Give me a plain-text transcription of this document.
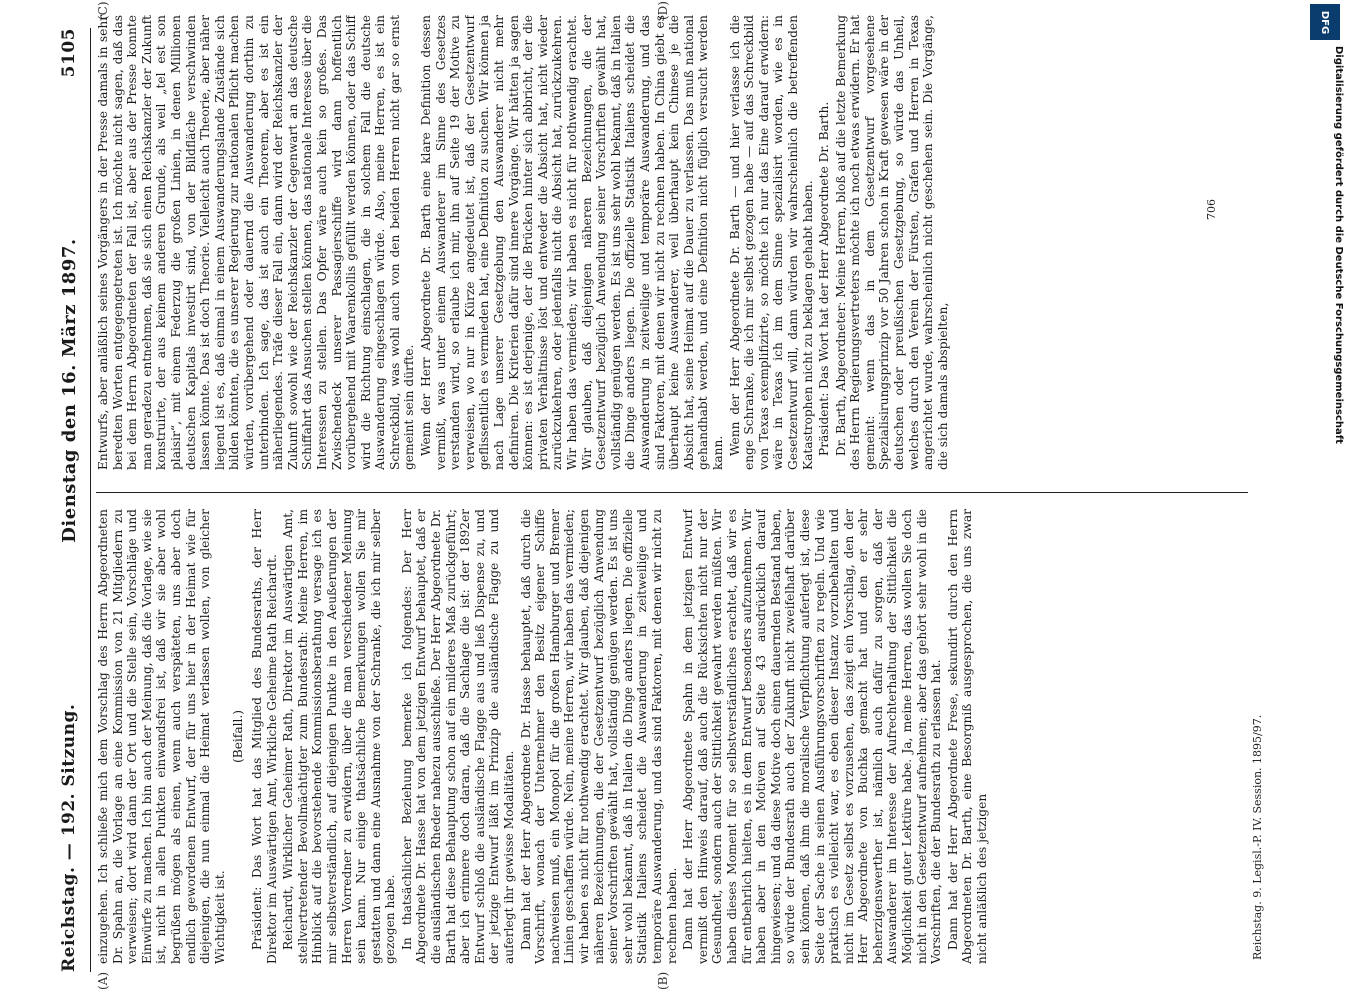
Reichstag. — 192. Sitzung.
Dienstag den 16. März 1897.
5105
(A)	(B)
(C)	(D)

einzugehen. Ich schließe mich dem Vorschlag des Herrn Abgeordneten Dr. Spahn an, die Vorlage an eine Kommission von 21 Mitgliedern zu verweisen; dort wird dann der Ort und die Stelle sein, Vorschläge und Einwürfe zu machen. Ich bin auch der Meinung, daß die Vorlage, wie sie ist, nicht in allen Punkten einwandsfrei ist, daß wir sie aber wohl begrüßen mögen als einen, wenn auch verspäteten, uns aber doch endlich gewordenen Entwurf, der für uns hier in der Heimat wie für diejenigen, die nun einmal die Heimat verlassen wollen, von gleicher Wichtigkeit ist.

(Beifall.) Präsident: Das Wort hat das Mitglied des Bundesraths, der Herr Direktor im Auswärtigen Amt, Wirkliche Geheime Rath Reichardt. Reichardt, Wirklicher Geheimer Rath, Direktor im Auswärtigen Amt, stellvertretender Bevollmächtigter zum Bundesrath: Meine Herren, im Hinblick auf die bevorstehende Kommissionsberathung versage ich es mir selbstverständlich, auf diejenigen Punkte in den Aeußerungen der Herren Vorredner zu erwidern, über die man verschiedener Meinung sein kann. Nur einige thatsächliche Bemerkungen wollen Sie mir gestatten und dann eine Ausnahme von der Schranke, die ich mir selber gezogen habe. In thatsächlicher Beziehung bemerke ich folgendes: Der Herr Abgeordnete Dr. Hasse hat von dem jetzigen Entwurf behauptet, daß er die ausländischen Rheder nahezu ausschließe. Der Herr Abgeordnete Dr. Barth hat diese Behauptung schon auf ein milderes Maß zurückgeführt; aber ich erinnere doch daran, daß die Sachlage die ist: der 1892er Entwurf schloß die ausländische Flagge aus und ließ Dispense zu, und der jetzige Entwurf läßt im Prinzip die ausländische Flagge zu und auferlegt ihr gewisse Modalitäten. Dann hat der Herr Abgeordnete Dr. Hasse behauptet, daß durch die Vorschrift, wonach der Unternehmer den Besitz eigener Schiffe nachweisen muß, ein Monopol für die großen Hamburger und Bremer Linien geschaffen würde. Nein, meine Herren, wir haben das vermieden; wir haben es nicht für nothwendig erachtet. Wir glauben, daß diejenigen näheren Bezeichnungen, die der Gesetzentwurf bezüglich Anwendung seiner Vorschriften gewählt hat, vollständig genügen werden. Es ist uns sehr wohl bekannt, daß in Italien die Dinge anders liegen. Die offizielle Statistik Italiens scheidet die Auswanderung in zeitweilige und temporäre Auswanderung, und das sind Faktoren, mit denen wir nicht zu rechnen haben. Dann hat der Herr Abgeordnete Spahn in dem jetzigen Entwurf vermißt den Hinweis darauf, daß auch die Rücksichten nicht nur der Gesundheit, sondern auch der Sittlichkeit gewahrt werden müßten. Wir haben dieses Moment für so selbstverständliches erachtet, daß wir es für entbehrlich hielten, es in dem Entwurf besonders aufzunehmen. Wir haben aber in den Motiven auf Seite 43 ausdrücklich darauf hingewiesen; und da diese Motive doch einen dauernden Bestand haben, so würde der Bundesrath auch der Zukunft nicht zweifelhaft darüber sein können, daß ihm die moralische Verpflichtung auferlegt ist, diese Seite der Sache in seinen Ausführungsvorschriften zu regeln. Und wie praktisch es vielleicht war, es eben dieser Instanz vorzubehalten und nicht im Gesetz selbst es vorzusehen, das zeigt ein Vorschlag, den der Herr Abgeordnete von Buchka gemacht hat und den er sehr beherzigenswerther ist, nämlich auch dafür zu sorgen, daß der Auswanderer im Interesse der Aufrechterhaltung der Sittlichkeit die Möglichkeit guter Lektüre habe. Ja, meine Herren, das wollen Sie doch nicht in den Gesetzentwurf aufnehmen; aber das gehört sehr wohl in die Vorschriften, die der Bundesrath zu erlassen hat. Dann hat der Herr Abgeordnete Frese, sekundirt durch den Herrn Abgeordneten Dr. Barth, eine Besorgniß ausgesprochen, die uns zwar nicht anläßlich des jetzigen

Entwurfs, aber anläßlich seines Vorgängers in der Presse damals in sehr beredten Worten entgegengetreten ist. Ich möchte nicht sagen, daß das bei dem Herrn Abgeordneten der Fall ist, aber aus der Presse konnte man geradezu entnehmen, daß sie sich einen Reichskanzler der Zukunft konstruirte, der aus keinem anderen Grunde, als weil „tel est son plaisir“, mit einem Federzug die großen Linien, in denen Millionen deutschen Kapitals investirt sind, von der Bildfläche verschwinden lassen könnte. Das ist doch Theorie. Vielleicht auch Theorie, aber näher liegend ist es, daß einmal in einem Auswanderungslande Zustände sich bilden könnten, die es unserer Regierung zur nationalen Pflicht machen würden, vorübergehend oder dauernd die Auswanderung dorthin zu unterbinden. Ich sage, das ist auch ein Theorem, aber es ist ein näherliegendes. Träfe dieser Fall ein, dann wird der Reichskanzler der Zukunft sowohl wie der Reichskanzler der Gegenwart an das deutsche Schiffahrt das Ansuchen stellen können, das nationale Interesse über die Interessen zu stellen. Das Opfer wäre auch kein so großes. Das Zwischendeck unserer Passagierschiffe wird dann hoffentlich vorübergehend mit Waarenkollis gefüllt werden können, oder das Schiff wird die Richtung einschlagen, die in solchem Fall die deutsche Auswanderung eingeschlagen würde. Also, meine Herren, es ist ein Schreckbild, was wohl auch von den beiden Herren nicht gar so ernst gemeint sein dürfte. Wenn der Herr Abgeordnete Dr. Barth eine klare Definition dessen vermißt, was unter einem Auswanderer im Sinne des Gesetzes verstanden wird, so erlaube ich mir, ihn auf Seite 19 der Motive zu verweisen, wo nur in Kürze angedeutet ist, daß der Gesetzentwurf geflissentlich es vermieden hat, eine Definition zu suchen. Wir können ja nach Lage unserer Gesetzgebung den Auswanderer nicht mehr definiren. Die Kriterien dafür sind innere Vorgänge. Wir hätten ja sagen können: es ist derjenige, der die Brücken hinter sich abbricht, der die privaten Verhältnisse löst und entweder die Absicht hat, nicht wieder zurückzukehren, oder jedenfalls nicht die Absicht hat, zurückzukehren. Wir haben das vermieden; wir haben es nicht für nothwendig erachtet. Wir glauben, daß diejenigen näheren Bezeichnungen, die der Gesetzentwurf bezüglich Anwendung seiner Vorschriften gewählt hat, vollständig genügen werden. Es ist uns sehr wohl bekannt, daß in Italien die Dinge anders liegen. Die offizielle Statistik Italiens scheidet die Auswanderung in zeitweilige und temporäre Auswanderung, und das sind Faktoren, mit denen wir nicht zu rechnen haben. In China giebt es überhaupt keine Auswanderer, weil überhaupt kein Chinese je die Absicht hat, seine Heimat auf die Dauer zu verlassen. Das muß national gehandhabt werden, und eine Definition nicht füglich versucht werden kann. Wenn der Herr Abgeordnete Dr. Barth — und hier verlasse ich die enge Schranke, die ich mir selbst gezogen habe — auf das Schreckbild von Texas exemplifizirte, so möchte ich nur das Eine darauf erwidern: wäre in Texas ich im dem Sinne spezialisirt worden, wie es in Gesetzentwurf will, dann würden wir wahrscheinlich die betreffenden Katastrophen nicht zu beklagen gehabt haben. Präsident: Das Wort hat der Herr Abgeordnete Dr. Barth. Dr. Barth, Abgeordneter: Meine Herren, bloß auf die letzte Bemerkung des Herrn Regierungsvertreters möchte ich noch etwas erwidern. Er hat gemeint: wenn das in dem Gesetzentwurf vorgesehene Spezialisirungsprinzip vor 50 Jahren schon in Kraft gewesen wäre in der deutschen oder preußischen Gesetzgebung, so würde das Unheil, welches durch den Verein der Fürsten, Grafen und Herren in Texas angerichtet wurde, wahrscheinlich nicht geschehen sein. Die Vorgänge, die sich damals abspielten,

Reichstag. 9. Legisl.-P. IV. Session. 1895/97.
706
DFG
Digitalisierung gefördert durch die Deutsche Forschungsgemeinschaft
